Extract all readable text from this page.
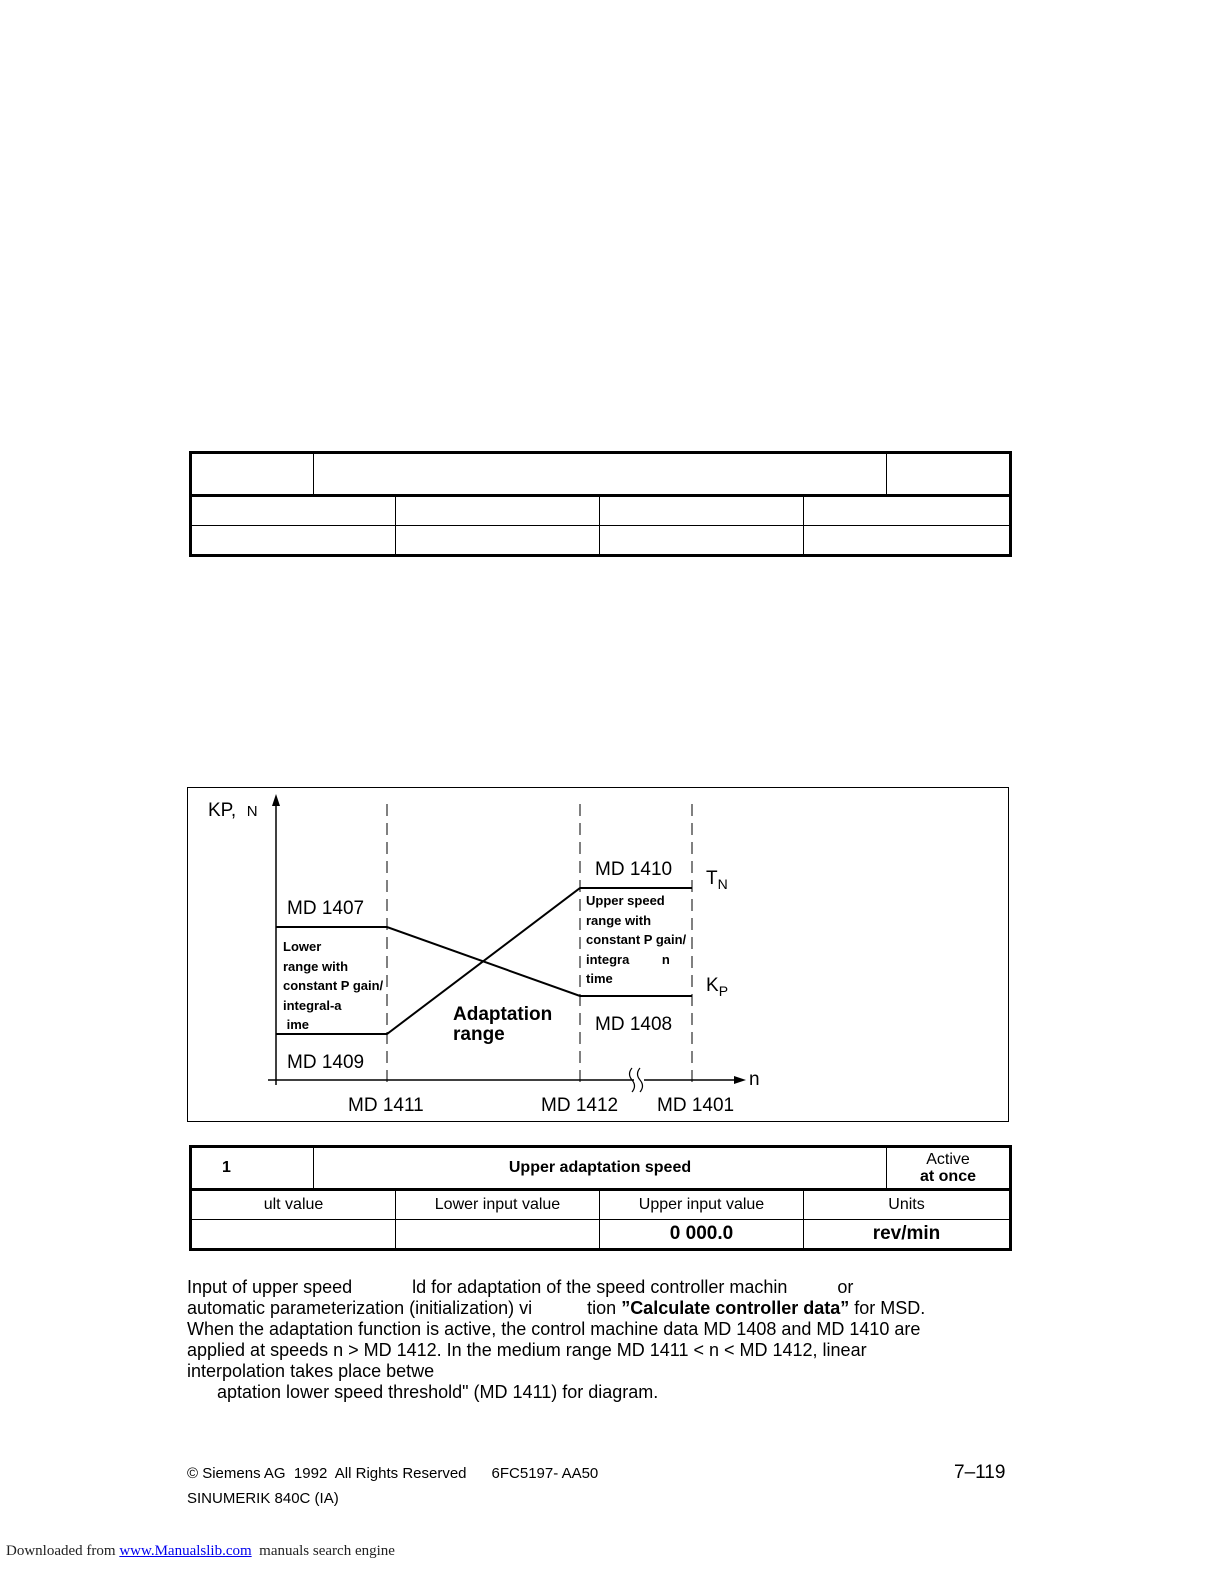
KP, N
MD 1407
MD 1409
MD 1410
MD 1408
$T_N$
$K_P$
Adaptation
range
Lower
range with
constant P gain/
integral-a
ime
Upper speed
range with
constant P gain/
integra         n
time
n
MD 1411	MD 1412 MD 1401
1	Upper adaptation speed				Active
at once
ult value		Lower input value	Upper input value	Units	
			0 000.0	rev/min	

Input of upper speed            ld for adaptation of the speed controller machin          or

automatic parameterization (initialization) vi           tion ”Calculate controller data” for MSD.

When the adaptation function is active, the control machine data MD 1408 and MD 1410 are

applied at speeds n > MD 1412. In the medium range MD 1411 < n < MD 1412, linear

interpolation takes place betwe

aptation lower speed threshold" (MD 1411) for diagram.

© Siemens AG  1992  All Rights Reserved      6FC5197- AA50	7–119
SINUMERIK 840C (IA)
Downloaded from www.Manualslib.com  manuals search engine
